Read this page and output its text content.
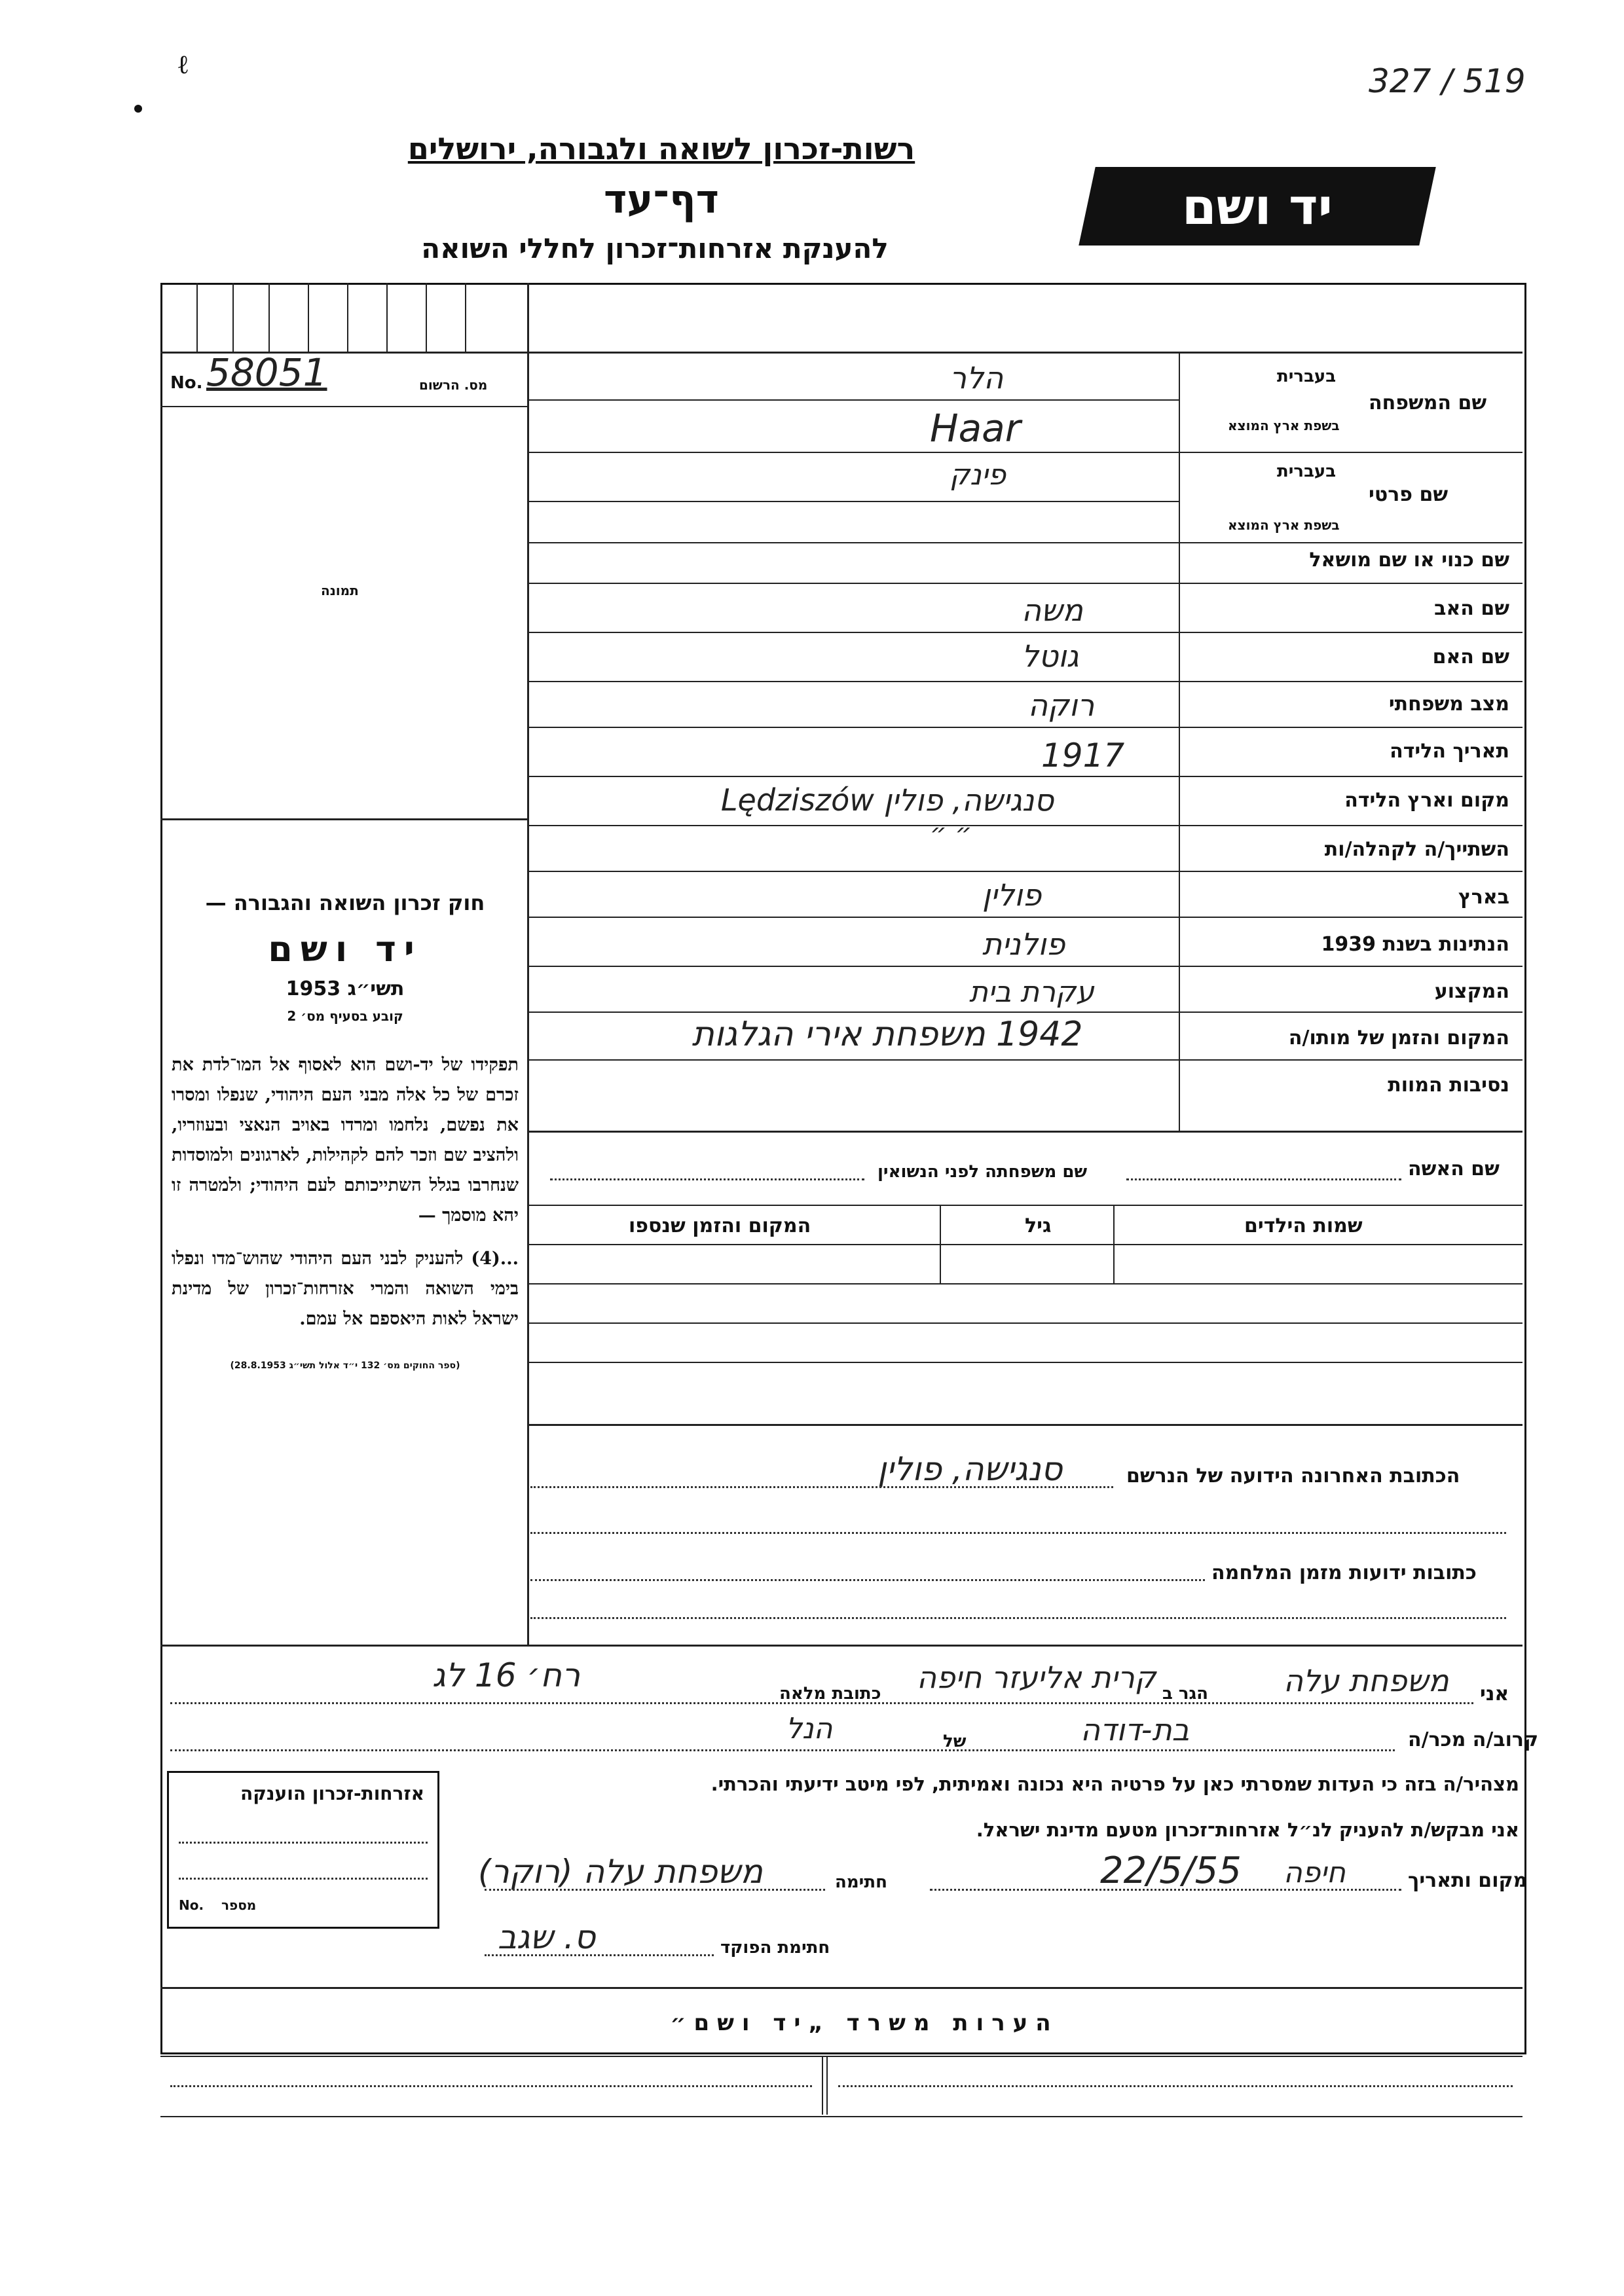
327 / 519
ℓ
רשות-זכרון לשואה ולגבורה, ירושלים
דף־עד
להענקת אזרחות־זכרון לחללי השואה
יד ושם
No. 58051	מס. הרשום
תמונה
שם המשפחה
בעברית
בשפת ארץ המוצא
הלר
Haar
שם פרטי
בעברית
בשפת ארץ המוצא
פינק
שם כנוי או שם מושאל
שם האב
משה
שם האם
גוטל
מצב משפחתי
רוקה
תאריך הלידה
1917
מקום וארץ הלידה
סנגישה, פולין Lędziszów
השתייך/ה לקהלה/ות
״ ״
בארץ
פולין
הנתינות בשנת 1939
פולנית
המקצוע
עקרת בית
המקום והזמן של מותו/ה
1942 משפחת אירי הגלגות
נסיבות המוות
שם האשה
שם משפחתה לפני הנשואין
שמות הילדים
גיל
המקום והזמן שנספו
חוק זכרון השואה והגבורה —
יד ושם
תשי״ג 1953
קובע בסעיף מס׳ 2
תפקידו של יד-ושם הוא לאסוף אל המו־לדת את זכרם של כל אלה מבני העם היהודי, שנפלו ומסרו את נפשם, נלחמו ומרדו באויב הנאצי ובעוזריו, ולהציב שם וזכר להם לקהילות, לארגונים ולמוסדות שנחרבו בגלל השתייכותם לעם היהודי; ולמטרה זו יהא מוסמך —
...(4) להעניק לבני העם היהודי שהוש־מדו ונפלו בימי השואה והמרי אזרחות־זכרון של מדינת ישראל לאות היאספם אל עמם.
(ספר החוקים מס׳ 132 י״ד אלול תשי״ג 28.8.1953)
הכתובת האחרונה הידועה של הנרשם
סנגישה, פולין
כתובות ידועות מזמן המלחמה
אני
משפחת עלה
הגר ב
קרית אליעזר חיפה
כתובת מלאה
רח׳ 16 לג
קרוב/ה מכר/ה
בת-דודה
של
הנל
מצהיר/ה בזה כי העדות שמסרתי כאן על פרטיה היא נכונה ואמיתית, לפי מיטב ידיעתי והכרתי.
אני מבקש/ת להעניק לנ״ל אזרחות־זכרון מטעם מדינת ישראל.
מקום ותאריך
חיפה
22/5/55
חתימה
משפחת עלה (רוקר)
חתימת הפוקד
ס. שגב
אזרחות-זכרון הוענקה
No. מספר
הערות משרד „יד ושם״
